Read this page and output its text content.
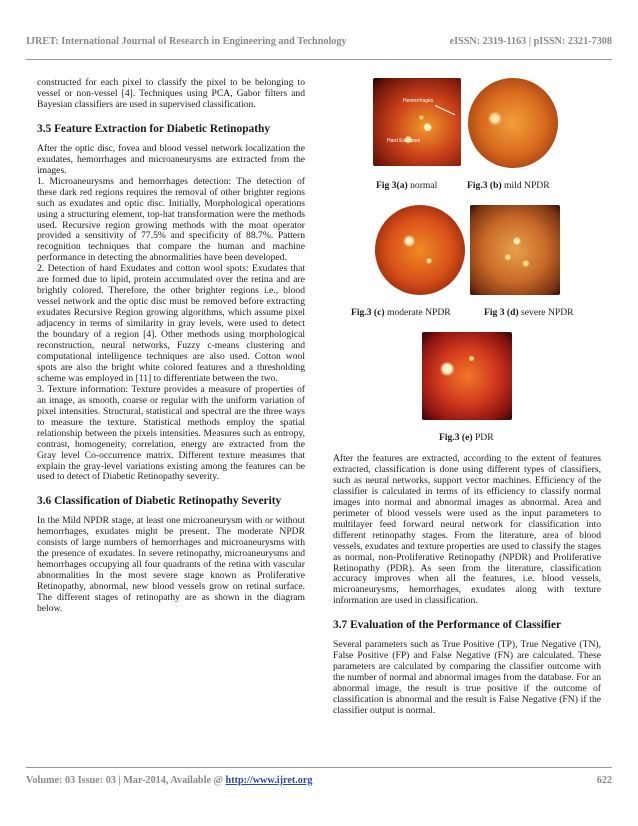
IJRET: International Journal of Research in Engineering and Technology	eISSN: 2319-1163 | pISSN: 2321-7308

constructed for each pixel to classify the pixel to be belonging to vessel or non-vessel [4]. Techniques using PCA, Gabor filters and Bayesian classifiers are used in supervised classification.

3.5 Feature Extraction for Diabetic Retinopathy

After the optic disc, fovea and blood vessel network localization the exudates, hemorrhages and microaneurysms are extracted from the images.

1. Microaneurysms and hemorrhages detection: The detection of these dark red regions requires the removal of other brighter regions such as exudates and optic disc. Initially, Morphological operations using a structuring element, top-hat transformation were the methods used. Recursive region growing methods with the moat operator provided a sensitivity of 77.5% and specificity of 88.7%. Pattern recognition techniques that compare the human and machine performance in detecting the abnormalities have been developed.

2. Detection of hard Exudates and cotton wool spots: Exudates that are formed due to lipid, protein accumulated over the retina and are brightly colored. Therefore, the other brighter regions i.e., blood vessel network and the optic disc must be removed before extracting exudates Recursive Region growing algorithms, which assume pixel adjacency in terms of similarity in gray levels, were used to detect the boundary of a region [4]. Other methods using morphological reconstruction, neural networks, Fuzzy c-means clustering and computational intelligence techniques are also used. Cotton wool spots are also the bright white colored features and a thresholding scheme was employed in [11] to differentiate between the two.

3. Texture information: Texture provides a measure of properties of an image, as smooth, coarse or regular with the uniform variation of pixel intensities. Structural, statistical and spectral are the three ways to measure the texture. Statistical methods employ the spatial relationship between the pixels intensities. Measures such as entropy, contrast, homogeneity, correlation, energy are extracted from the Gray level Co-occurrence matrix. Different texture measures that explain the gray-level variations existing among the features can be used to detect of Diabetic Retinopathy severity.

3.6 Classification of Diabetic Retinopathy Severity

In the Mild NPDR stage, at least one microaneurysm with or without hemorrhages, exudates might be present. The moderate NPDR consists of large numbers of hemorrhages and microaneurysms with the presence of exudates. In severe retinopathy, microaneurysms and hemorrhages occupying all four quadrants of the retina with vascular abnormalities In the most severe stage known as Proliferative Retinopathy, abnormal, new blood vessels grow on retinal surface. The different stages of retinopathy are as shown in the diagram below.

Hemorrhages
Hard Exudates
Fig 3(a) normal	Fig.3 (b) mild NPDR
Fig.3 (c) moderate NPDR	Fig 3 (d) severe NPDR
Fig.3 (e) PDR

After the features are extracted, according to the extent of features extracted, classification is done using different types of classifiers, such as neural networks, support vector machines. Efficiency of the classifier is calculated in terms of its efficiency to classify normal images into normal and abnormal images as abnormal. Area and perimeter of blood vessels were used as the input parameters to multilayer feed forward neural network for classification into different retinopathy stages. From the literature, area of blood vessels, exudates and texture properties are used to classify the stages as normal, non-Proliferative Retinopathy (NPDR) and Proliferative Retinopathy (PDR). As seen from the literature, classification accuracy improves when all the features, i.e. blood vessels, microaneurysms, hemorrhages, exudates along with texture information are used in classification.

3.7 Evaluation of the Performance of Classifier

Several parameters such as True Positive (TP), True Negative (TN), False Positive (FP) and False Negative (FN) are calculated. These parameters are calculated by comparing the classifier outcome with the number of normal and abnormal images from the database. For an abnormal image, the result is true positive if the outcome of classification is abnormal and the result is False Negative (FN) if the classifier output is normal.

Volume: 03 Issue: 03 | Mar-2014, Available @ http://www.ijret.org	622
